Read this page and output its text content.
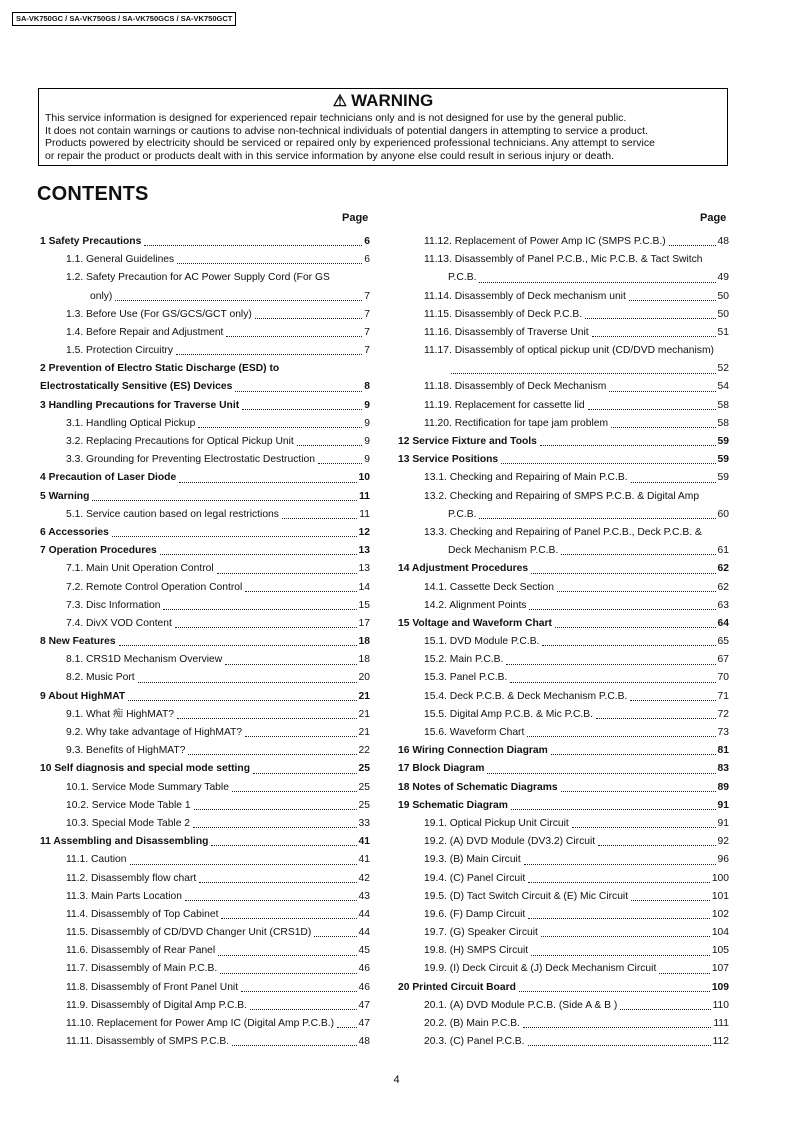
SA-VK750GC / SA-VK750GS / SA-VK750GCS / SA-VK750GCT
⚠ WARNING
This service information is designed for experienced repair technicians only and is not designed for use by the general public.
It does not contain warnings or cautions to advise non-technical individuals of potential dangers in attempting to service a product.
Products powered by electricity should be serviced or repaired only by experienced professional technicians. Any attempt to service
or repair the product or products dealt with in this service information by anyone else could result in serious injury or death.
CONTENTS
Page	Page
1 Safety Precautions	6
1.1. General Guidelines	6
1.2. Safety Precaution for AC Power Supply Cord (For GS
only)	7
1.3. Before Use (For GS/GCS/GCT only)	7
1.4. Before Repair and Adjustment	7
1.5. Protection Circuitry	7
2 Prevention of Electro Static Discharge (ESD) to
Electrostatically Sensitive (ES) Devices	8
3 Handling Precautions for Traverse Unit	9
3.1. Handling Optical Pickup	9
3.2. Replacing Precautions for Optical Pickup Unit	9
3.3. Grounding for Preventing Electrostatic Destruction	9
4 Precaution of Laser Diode	10
5 Warning	11
5.1. Service caution based on legal restrictions	11
6 Accessories	12
7 Operation Procedures	13
7.1. Main Unit Operation Control	13
7.2. Remote Control Operation Control	14
7.3. Disc Information	15
7.4. DivX VOD Content	17
8 New Features	18
8.1. CRS1D Mechanism Overview	18
8.2. Music Port	20
9 About HighMAT	21
9.1. What 痴 HighMAT?	21
9.2. Why take advantage of HighMAT?	21
9.3. Benefits of HighMAT?	22
10 Self diagnosis and special mode setting	25
10.1. Service Mode Summary Table	25
10.2. Service Mode Table 1	25
10.3. Special Mode Table 2	33
11 Assembling and Disassembling	41
11.1. Caution	41
11.2. Disassembly flow chart	42
11.3. Main Parts Location	43
11.4. Disassembly of Top Cabinet	44
11.5. Disassembly of CD/DVD Changer Unit (CRS1D)	44
11.6. Disassembly of Rear Panel	45
11.7. Disassembly of Main P.C.B.	46
11.8. Disassembly of Front Panel Unit	46
11.9. Disassembly of Digital Amp P.C.B.	47
11.10. Replacement for Power Amp IC (Digital Amp P.C.B.) 47
11.11. Disassembly of SMPS P.C.B.	48
11.12. Replacement of Power Amp IC (SMPS P.C.B.)	48
11.13. Disassembly of Panel P.C.B., Mic P.C.B. & Tact Switch
P.C.B.	49
11.14. Disassembly of Deck mechanism unit	50
11.15. Disassembly of Deck P.C.B.	50
11.16. Disassembly of Traverse Unit	51
11.17. Disassembly of optical pickup unit (CD/DVD mechanism)
52
11.18. Disassembly of Deck Mechanism	54
11.19. Replacement for cassette lid	58
11.20. Rectification for tape jam problem	58
12 Service Fixture and Tools	59
13 Service Positions	59
13.1. Checking and Repairing of Main P.C.B.	59
13.2. Checking and Repairing of SMPS P.C.B. & Digital Amp
P.C.B.	60
13.3. Checking and Repairing of Panel P.C.B., Deck P.C.B. &
Deck Mechanism P.C.B.	61
14 Adjustment Procedures	62
14.1. Cassette Deck Section	62
14.2. Alignment Points	63
15 Voltage and Waveform Chart	64
15.1. DVD Module P.C.B.	65
15.2. Main P.C.B.	67
15.3. Panel P.C.B.	70
15.4. Deck P.C.B. & Deck Mechanism P.C.B.	71
15.5. Digital Amp P.C.B. & Mic P.C.B.	72
15.6. Waveform Chart	73
16 Wiring Connection Diagram	81
17 Block Diagram	83
18 Notes of Schematic Diagrams	89
19 Schematic Diagram	91
19.1. Optical Pickup Unit Circuit	91
19.2. (A) DVD Module (DV3.2) Circuit	92
19.3. (B) Main Circuit	96
19.4. (C) Panel Circuit	100
19.5. (D) Tact Switch Circuit & (E) Mic Circuit	101
19.6. (F) Damp Circuit	102
19.7. (G) Speaker Circuit	104
19.8. (H) SMPS Circuit	105
19.9. (I) Deck Circuit & (J) Deck Mechanism Circuit	107
20 Printed Circuit Board	109
20.1. (A) DVD Module P.C.B. (Side A & B )	110
20.2. (B) Main P.C.B.	111
20.3. (C) Panel P.C.B.	112
4
